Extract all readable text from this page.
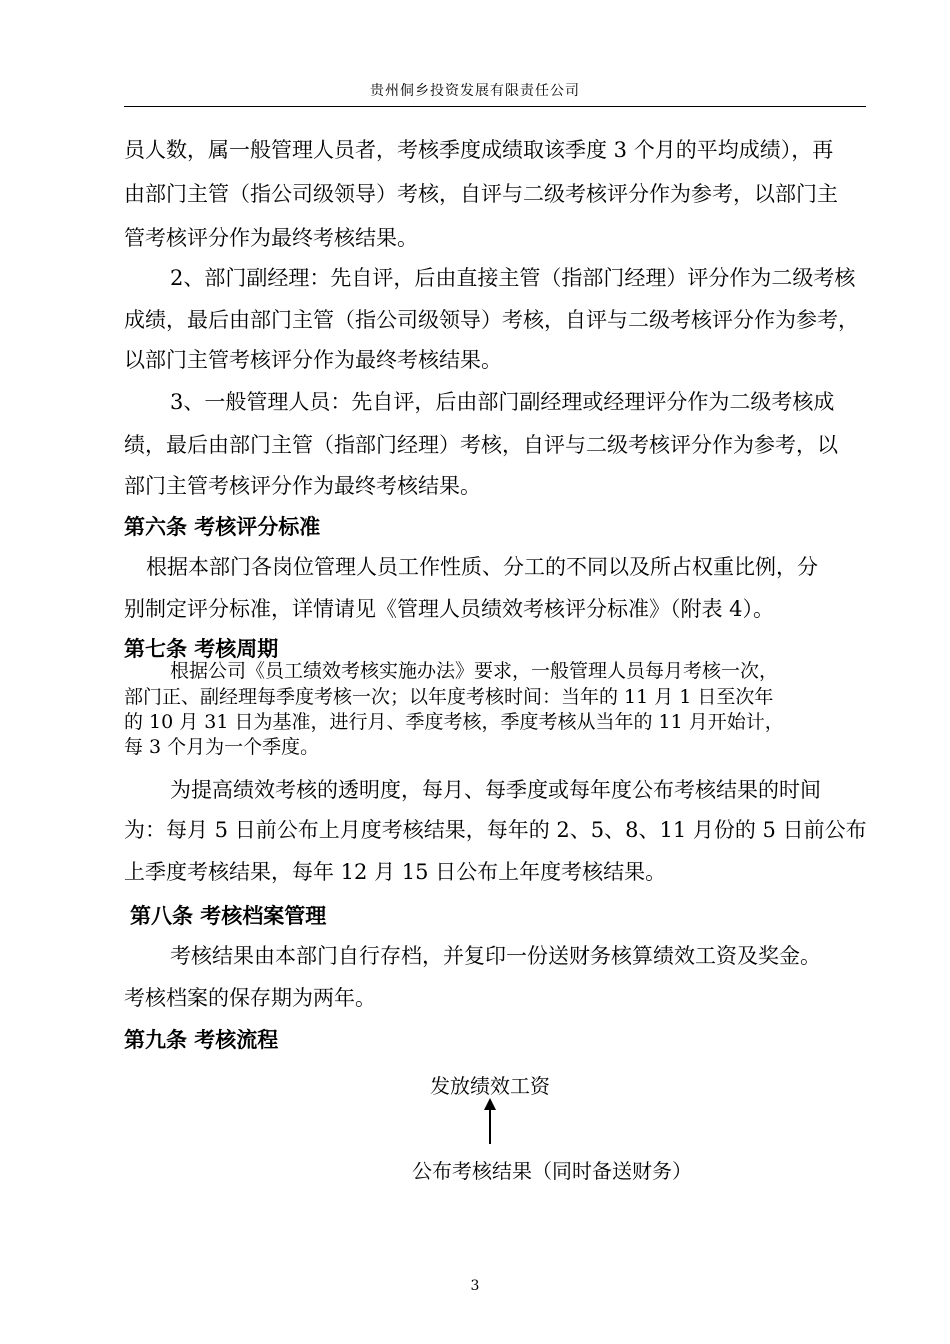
贵州侗乡投资发展有限责任公司
员人数，属一般管理人员者，考核季度成绩取该季度 3 个月的平均成绩），再
由部门主管（指公司级领导）考核，自评与二级考核评分作为参考，以部门主
管考核评分作为最终考核结果。
2、部门副经理：先自评，后由直接主管（指部门经理）评分作为二级考核
成绩，最后由部门主管（指公司级领导）考核，自评与二级考核评分作为参考，
以部门主管考核评分作为最终考核结果。
3、一般管理人员：先自评，后由部门副经理或经理评分作为二级考核成
绩，最后由部门主管（指部门经理）考核，自评与二级考核评分作为参考，以
部门主管考核评分作为最终考核结果。
第六条 考核评分标准
根据本部门各岗位管理人员工作性质、分工的不同以及所占权重比例，分
别制定评分标准，详情请见《管理人员绩效考核评分标准》（附表 4）。
第七条 考核周期
根据公司《员工绩效考核实施办法》要求，一般管理人员每月考核一次，
部门正、副经理每季度考核一次；以年度考核时间：当年的 11 月 1 日至次年
的 10 月 31 日为基准，进行月、季度考核，季度考核从当年的 11 月开始计，
每 3 个月为一个季度。
为提高绩效考核的透明度，每月、每季度或每年度公布考核结果的时间
为：每月 5 日前公布上月度考核结果，每年的 2、5、8、11 月份的 5 日前公布
上季度考核结果，每年 12 月 15 日公布上年度考核结果。
第八条 考核档案管理
考核结果由本部门自行存档，并复印一份送财务核算绩效工资及奖金。
考核档案的保存期为两年。
第九条 考核流程
发放绩效工资
公布考核结果（同时备送财务）
3
